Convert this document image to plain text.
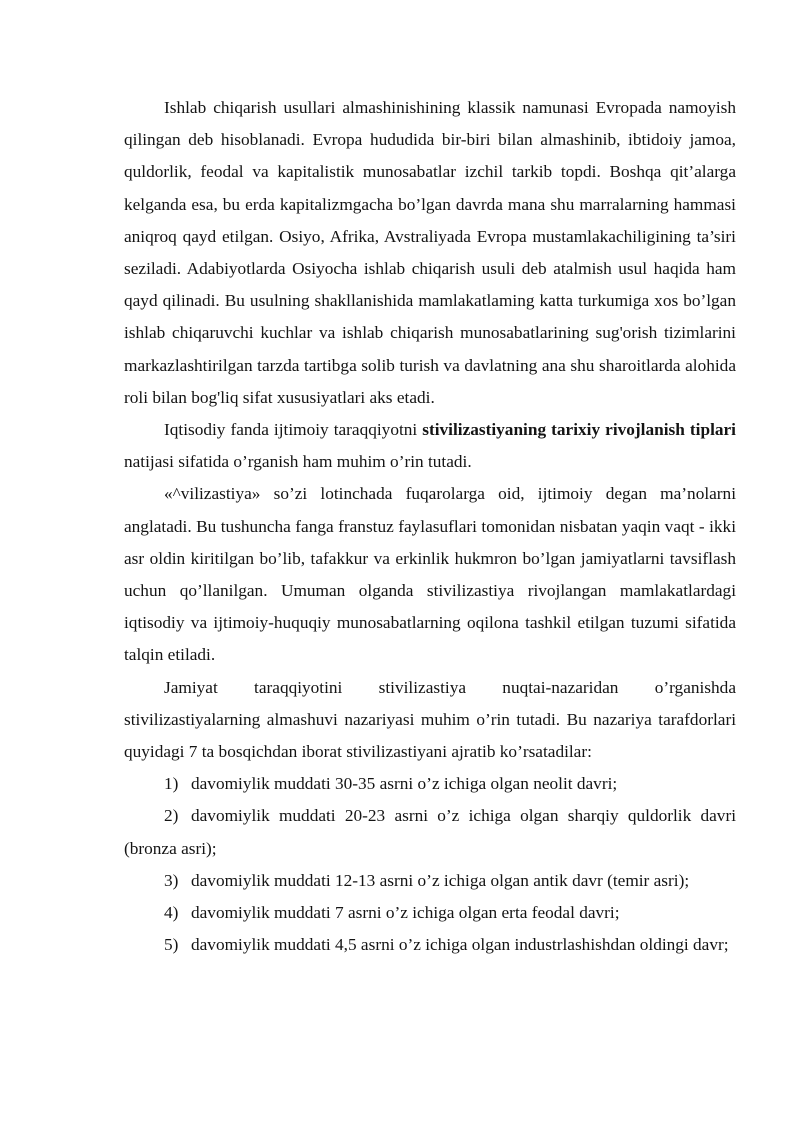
Ishlab chiqarish usullari almashinishining klassik namunasi Evropada namoyish qilingan deb hisoblanadi. Evropa hududida bir-biri bilan almashinib, ibtidoiy jamoa, quldorlik, feodal va kapitalistik munosabatlar izchil tarkib topdi. Boshqa qit’alarga kelganda esa, bu erda kapitalizmgacha bo’lgan davrda mana shu marralarning hammasi aniqroq qayd etilgan. Osiyo, Afrika, Avstraliyada Evropa mustamlakachiligining ta’siri seziladi. Adabiyotlarda Osiyocha ishlab chiqarish usuli deb atalmish usul haqida ham qayd qilinadi. Bu usulning shakllanishida mamlakatlaming katta turkumiga xos bo’lgan ishlab chiqaruvchi kuchlar va ishlab chiqarish munosabatlarining sug'orish tizimlarini markazlashtirilgan tarzda tartibga solib turish va davlatning ana shu sharoitlarda alohida roli bilan bog'liq sifat xususiyatlari aks etadi.

Iqtisodiy fanda ijtimoiy taraqqiyotni stivilizastiyaning tarixiy rivojlanish tiplari natijasi sifatida o’rganish ham muhim o’rin tutadi.

«^vilizastiya» so’zi lotinchada fuqarolarga oid, ijtimoiy degan ma’nolarni anglatadi. Bu tushuncha fanga franstuz faylasuflari tomonidan nisbatan yaqin vaqt - ikki asr oldin kiritilgan bo’lib, tafakkur va erkinlik hukmron bo’lgan jamiyatlarni tavsiflash uchun qo’llanilgan. Umuman olganda stivilizastiya rivojlangan mamlakatlardagi iqtisodiy va ijtimoiy-huquqiy munosabatlarning oqilona tashkil etilgan tuzumi sifatida talqin etiladi.

Jamiyat taraqqiyotini stivilizastiya nuqtai-nazaridan o’rganishda stivilizastiyalarning almashuvi nazariyasi muhim o’rin tutadi. Bu nazariya tarafdorlari quyidagi 7 ta bosqichdan iborat stivilizastiyani ajratib ko’rsatadilar:

1) davomiylik muddati 30-35 asrni o’z ichiga olgan neolit davri;

2) davomiylik muddati 20-23 asrni o’z ichiga olgan sharqiy quldorlik davri (bronza asri);

3) davomiylik muddati 12-13 asrni o’z ichiga olgan antik davr (temir asri);

4) davomiylik muddati 7 asrni o’z ichiga olgan erta feodal davri;

5) davomiylik muddati 4,5 asrni o’z ichiga olgan industrlashishdan oldingi davr;
